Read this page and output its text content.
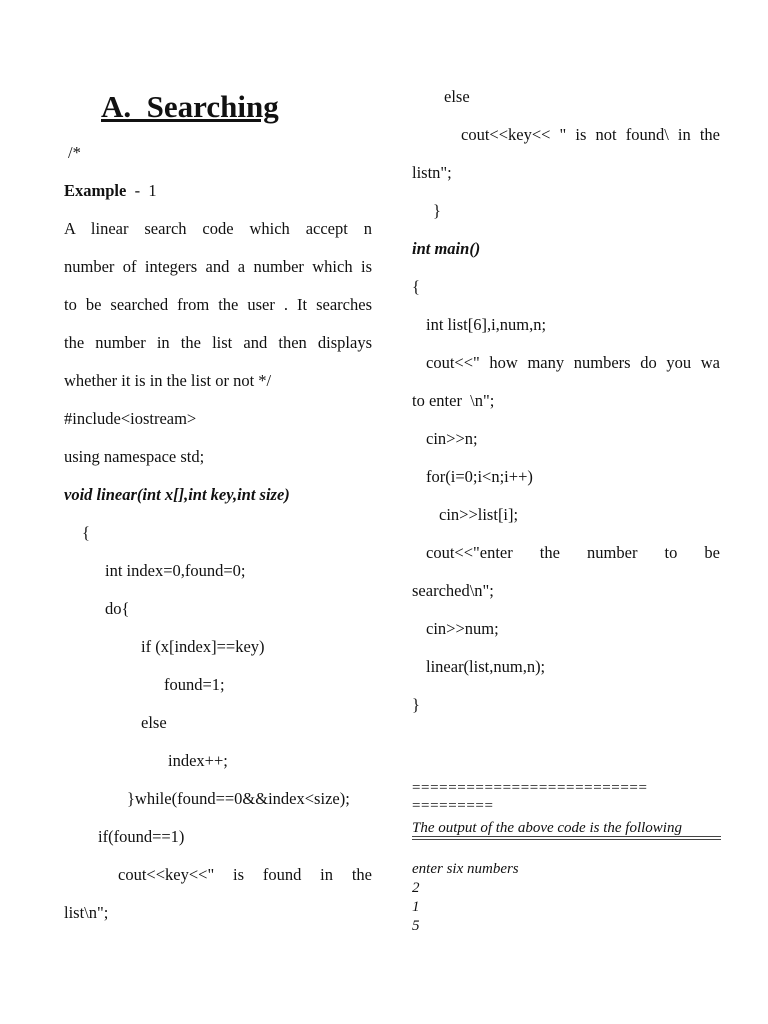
A.  Searching
/*
Example - 1
A linear search code which accept n
number of integers and a number which is
to be searched from the user . It searches
the number in the list and then displays
whether it is in the list or not */
#include<iostream>
using namespace std;
void linear(int x[],int key,int size)
{
int index=0,found=0;
do{
if (x[index]==key)
found=1;
else
index++;
}while(found==0&&index<size);
if(found==1)
cout<<key<<" is found in the
list\n";
else
cout<<key<< " is not found\ in the
listn";
}
int main()
{
int list[6],i,num,n;
cout<<" how many numbers do you wa
to enter  \n";
cin>>n;
for(i=0;i<n;i++)
cin>>list[i];
cout<<"enter the number to be
searched\n";
cin>>num;
linear(list,num,n);
}
==========================
=========
The output of the above code is the following
enter six numbers
2
1
5
